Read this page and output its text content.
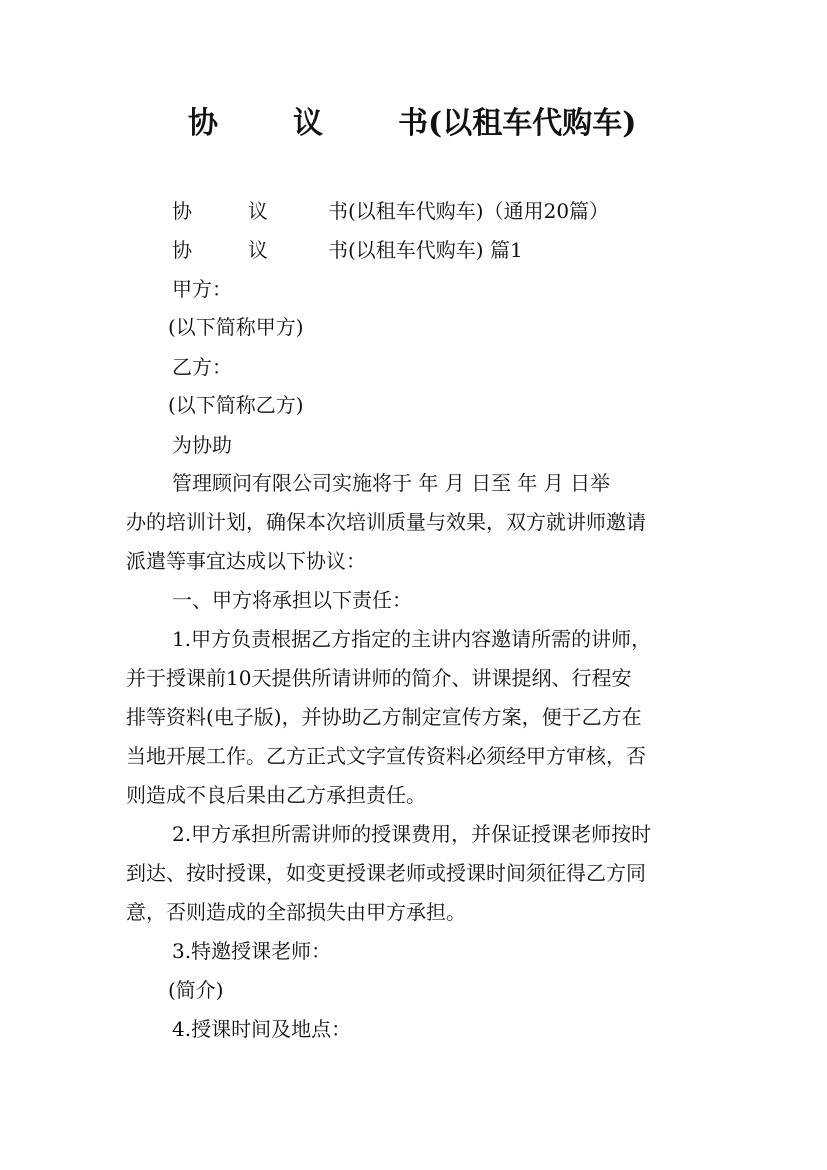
协	议	书(以租车代购车)
协	议	书(以租车代购车)（通用20篇）
协	议	书(以租车代购车) 篇1
甲方：
(以下简称甲方)
乙方：
(以下简称乙方)
为协助
管理顾问有限公司实施将于 年 月 日至 年 月 日举
办的培训计划，确保本次培训质量与效果，双方就讲师邀请
派遣等事宜达成以下协议：
一、甲方将承担以下责任：
1.甲方负责根据乙方指定的主讲内容邀请所需的讲师，
并于授课前10天提供所请讲师的简介、讲课提纲、行程安
排等资料(电子版)，并协助乙方制定宣传方案，便于乙方在
当地开展工作。乙方正式文字宣传资料必须经甲方审核，否
则造成不良后果由乙方承担责任。
2.甲方承担所需讲师的授课费用，并保证授课老师按时
到达、按时授课，如变更授课老师或授课时间须征得乙方同
意，否则造成的全部损失由甲方承担。
3.特邀授课老师：
(简介)
4.授课时间及地点：
